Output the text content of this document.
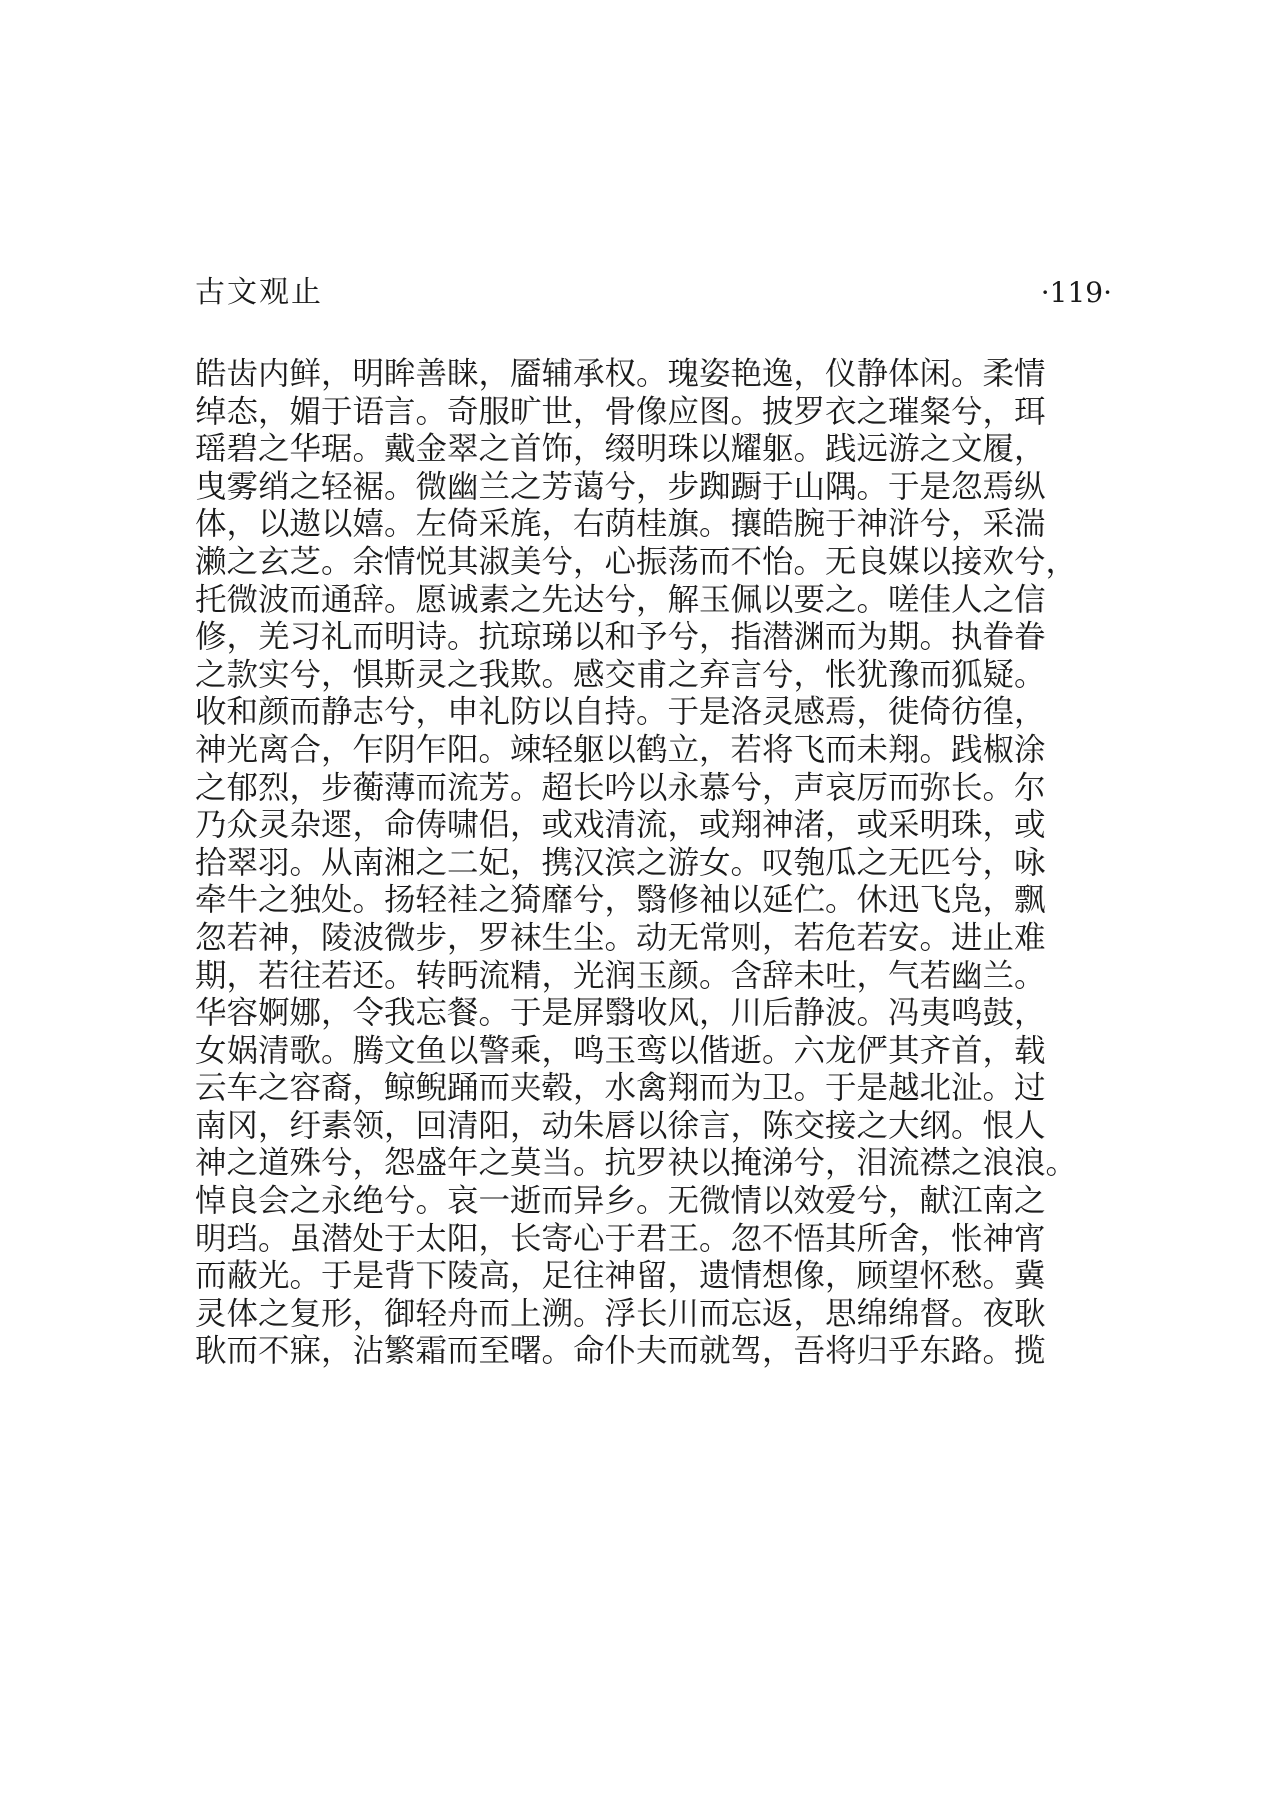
古文观止	·119·
皓齿内鲜，明眸善睐，靥辅承权。瑰姿艳逸，仪静体闲。柔情
绰态，媚于语言。奇服旷世，骨像应图。披罗衣之璀粲兮，珥
瑶碧之华琚。戴金翠之首饰，缀明珠以耀躯。践远游之文履，
曳雾绡之轻裾。微幽兰之芳蔼兮，步踟蹰于山隅。于是忽焉纵
体，以遨以嬉。左倚采旄，右荫桂旗。攘皓腕于神浒兮，采湍
濑之玄芝。余情悦其淑美兮，心振荡而不怡。无良媒以接欢兮，
托微波而通辞。愿诚素之先达兮，解玉佩以要之。嗟佳人之信
修，羌习礼而明诗。抗琼珶以和予兮，指潜渊而为期。执眷眷
之款实兮，惧斯灵之我欺。感交甫之弃言兮，怅犹豫而狐疑。
收和颜而静志兮，申礼防以自持。于是洛灵感焉，徙倚彷徨，
神光离合，乍阴乍阳。竦轻躯以鹤立，若将飞而未翔。践椒涂
之郁烈，步蘅薄而流芳。超长吟以永慕兮，声哀厉而弥长。尔
乃众灵杂遝，命俦啸侣，或戏清流，或翔神渚，或采明珠，或
拾翠羽。从南湘之二妃，携汉滨之游女。叹匏瓜之无匹兮，咏
牵牛之独处。扬轻袿之猗靡兮，翳修袖以延伫。休迅飞凫，飘
忽若神，陵波微步，罗袜生尘。动无常则，若危若安。进止难
期，若往若还。转眄流精，光润玉颜。含辞未吐，气若幽兰。
华容婀娜，令我忘餐。于是屏翳收风，川后静波。冯夷鸣鼓，
女娲清歌。腾文鱼以警乘，鸣玉鸾以偕逝。六龙俨其齐首，载
云车之容裔，鲸鲵踊而夹毂，水禽翔而为卫。于是越北沚。过
南冈，纡素领，回清阳，动朱唇以徐言，陈交接之大纲。恨人
神之道殊兮，怨盛年之莫当。抗罗袂以掩涕兮，泪流襟之浪浪。
悼良会之永绝兮。哀一逝而异乡。无微情以效爱兮，献江南之
明珰。虽潜处于太阳，长寄心于君王。忽不悟其所舍，怅神宵
而蔽光。于是背下陵高，足往神留，遗情想像，顾望怀愁。冀
灵体之复形，御轻舟而上溯。浮长川而忘返，思绵绵督。夜耿
耿而不寐，沾繁霜而至曙。命仆夫而就驾，吾将归乎东路。揽
